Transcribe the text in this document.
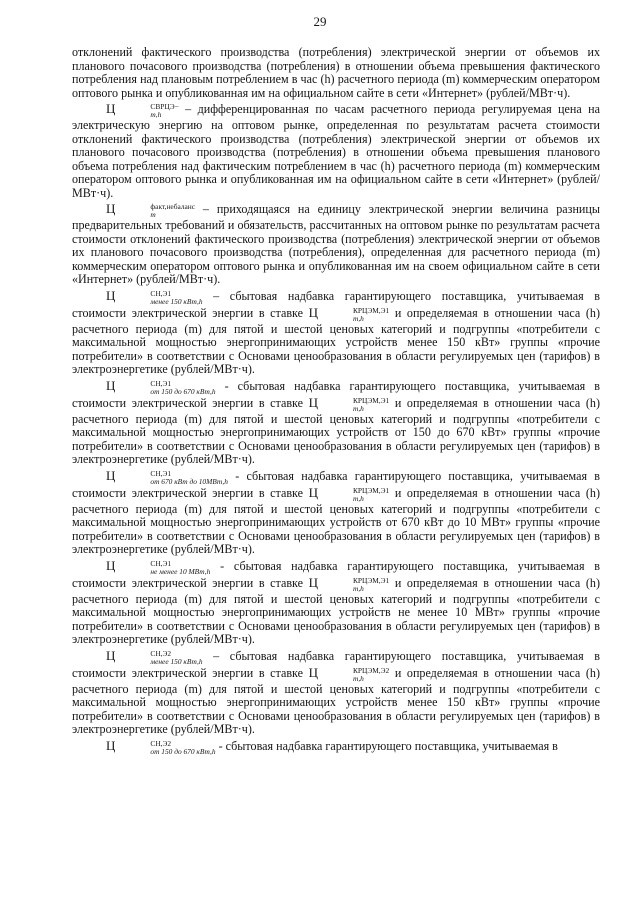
29

отклонений фактического производства (потребления) электрической энергии от объемов их планового почасового производства (потребления) в отношении объема превышения фактического потребления над плановым потреблением в час (h) расчетного периода (m) коммерческим оператором оптового рынка и опубликованная им на официальном сайте в сети «Интернет» (рублей/МВт·ч).

Ц	СВРЦЭ−
m,h	– дифференцированная по часам расчетного периода регулируемая цена на электрическую энергию на оптовом рынке, определенная по результатам расчета стоимости отклонений фактического производства (потребления) электрической энергии от объемов их планового почасового производства (потребления) в отношении объема превышения планового объема потребления над фактическим потреблением в час (h) расчетного периода (m) коммерческим оператором оптового рынка и опубликованная им на официальном сайте в сети «Интернет» (рублей/МВт·ч).

Ц	факт,небаланс
m	– приходящаяся на единицу электрической энергии величина разницы предварительных требований и обязательств, рассчитанных на оптовом рынке по результатам расчета стоимости отклонений фактического производства (потребления) электрической энергии от объемов их планового почасового производства (потребления), определенная для расчетного периода (m) коммерческим оператором оптового рынка и опубликованная им на своем официальном сайте в сети «Интернет» (рублей/МВт·ч).

Ц	СН,Э1
менее 150 кВт,h – сбытовая надбавка гарантирующего поставщика, учитываемая в стоимости электрической энергии в ставке Ц	КРЦЭМ,Э1
m,h	и определяемая в отношении часа (h) расчетного периода (m) для пятой и шестой ценовых категорий и подгруппы «потребители с максимальной мощностью энергопринимающих устройств менее 150 кВт» группы «прочие потребители» в соответствии с Основами ценообразования в области регулируемых цен (тарифов) в электроэнергетике (рублей/МВт·ч).

Ц	СН,Э1
от 150 до 670 кВт,h - сбытовая надбавка гарантирующего поставщика, учитываемая в стоимости электрической энергии в ставке Ц	КРЦЭМ,Э1
m,h	и определяемая в отношении часа (h) расчетного периода (m) для пятой и шестой ценовых категорий и подгруппы «потребители с максимальной мощностью энергопринимающих устройств от 150 до 670 кВт» группы «прочие потребители» в соответствии с Основами ценообразования в области регулируемых цен (тарифов) в электроэнергетике (рублей/МВт·ч).

Ц	СН,Э1
от 670 кВт до 10МВт,h - сбытовая надбавка гарантирующего поставщика, учитываемая в стоимости электрической энергии в ставке Ц	КРЦЭМ,Э1
m,h	и определяемая в отношении часа (h) расчетного периода (m) для пятой и шестой ценовых категорий и подгруппы «потребители с максимальной мощностью энергопринимающих устройств от 670 кВт до 10 МВт» группы «прочие потребители» в соответствии с Основами ценообразования в области регулируемых цен (тарифов) в электроэнергетике (рублей/МВт·ч).

Ц	СН,Э1
не менее 10 МВт,h - сбытовая надбавка гарантирующего поставщика, учитываемая в стоимости электрической энергии в ставке Ц	КРЦЭМ,Э1
m,h	и определяемая в отношении часа (h) расчетного периода (m) для пятой и шестой ценовых категорий и подгруппы «потребители с максимальной мощностью энергопринимающих устройств не менее 10 МВт» группы «прочие потребители» в соответствии с Основами ценообразования в области регулируемых цен (тарифов) в электроэнергетике (рублей/МВт·ч).

Ц	СН,Э2
менее 150 кВт,h – сбытовая надбавка гарантирующего поставщика, учитываемая в стоимости электрической энергии в ставке Ц	КРЦЭМ,Э2
m,h	и определяемая в отношении часа (h) расчетного периода (m) для пятой и шестой ценовых категорий и подгруппы «потребители с максимальной мощностью энергопринимающих устройств менее 150 кВт» группы «прочие потребители» в соответствии с Основами ценообразования в области регулируемых цен (тарифов) в электроэнергетике (рублей/МВт·ч).

Ц	СН,Э2
от 150 до 670 кВт,h - сбытовая надбавка гарантирующего поставщика, учитываемая в
